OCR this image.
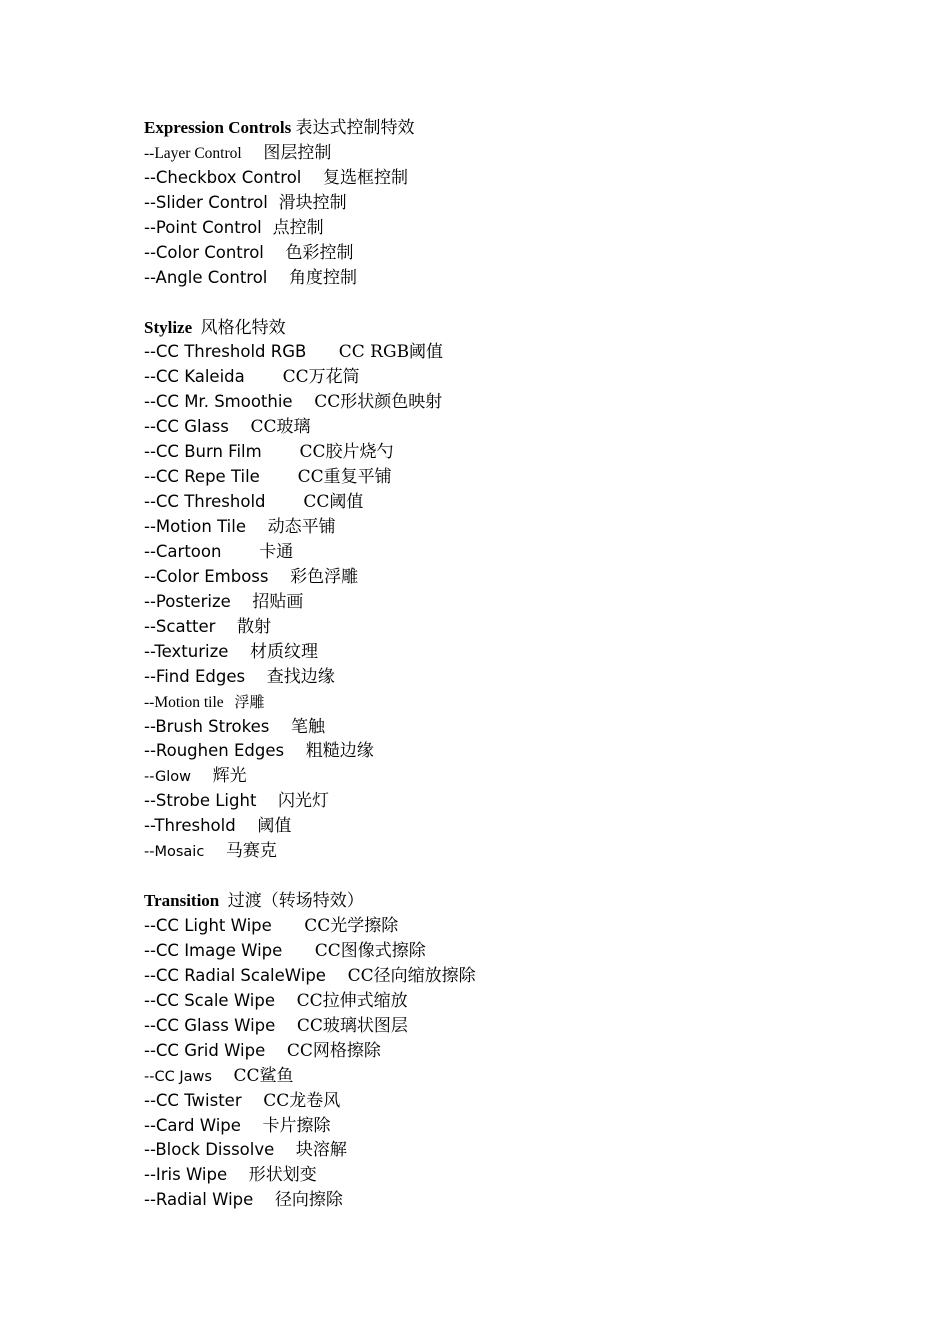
Expression Controls 表达式控制特效
--Layer Control 图层控制
--Checkbox Control 复选框控制
--Slider Control 滑块控制
--Point Control 点控制
--Color Control 色彩控制
--Angle Control 角度控制
Stylize 风格化特效
--CC Threshold RGB CC RGB阈值
--CC Kaleida CC万花筒
--CC Mr. Smoothie CC形状颜色映射
--CC Glass CC玻璃
--CC Burn Film CC胶片烧勺
--CC Repe Tile CC重复平铺
--CC Threshold CC阈值
--Motion Tile 动态平铺
--Cartoon 卡通
--Color Emboss 彩色浮雕
--Posterize 招贴画
--Scatter 散射
--Texturize 材质纹理
--Find Edges 查找边缘
--Motion tile 浮雕
--Brush Strokes 笔触
--Roughen Edges 粗糙边缘
--Glow 辉光
--Strobe Light 闪光灯
--Threshold 阈值
--Mosaic 马赛克
Transition 过渡（转场特效）
--CC Light Wipe CC光学擦除
--CC Image Wipe CC图像式擦除
--CC Radial ScaleWipe CC径向缩放擦除
--CC Scale Wipe CC拉伸式缩放
--CC Glass Wipe CC玻璃状图层
--CC Grid Wipe CC网格擦除
--CC Jaws CC鲨鱼
--CC Twister CC龙卷风
--Card Wipe 卡片擦除
--Block Dissolve 块溶解
--Iris Wipe 形状划变
--Radial Wipe 径向擦除
